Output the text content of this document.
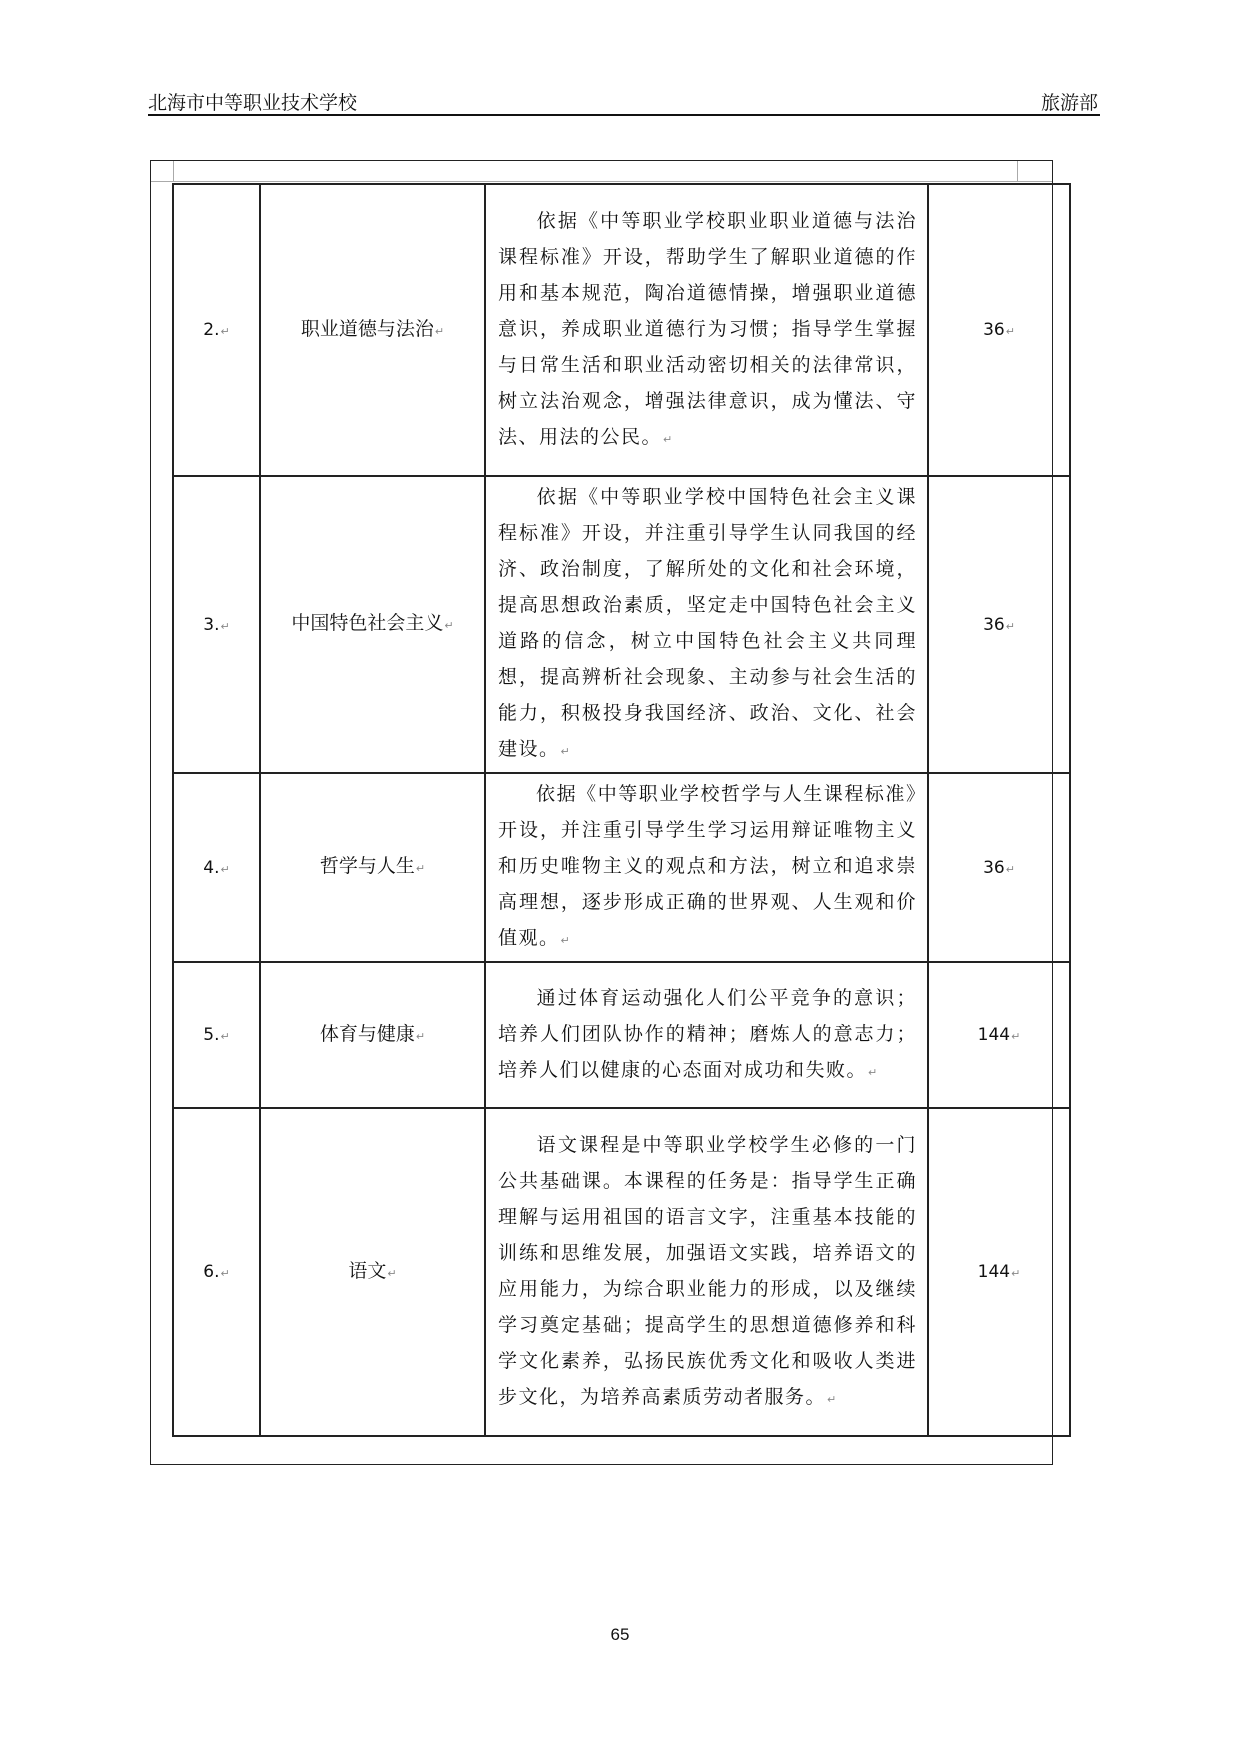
北海市中等职业技术学校	旅游部
2.↵	职业道德与法治↵	依据《中等职业学校职业职业道德与法治课程标准》开设，帮助学生了解职业道德的作用和基本规范，陶冶道德情操，增强职业道德意识，养成职业道德行为习惯；指导学生掌握与日常生活和职业活动密切相关的法律常识，树立法治观念，增强法律意识，成为懂法、守法、用法的公民。↵	36↵
3.↵	中国特色社会主义↵	依据《中等职业学校中国特色社会主义课程标准》开设，并注重引导学生认同我国的经济、政治制度，了解所处的文化和社会环境，提高思想政治素质，坚定走中国特色社会主义道路的信念，树立中国特色社会主义共同理想，提高辨析社会现象、主动参与社会生活的能力，积极投身我国经济、政治、文化、社会建设。↵	36↵
4.↵	哲学与人生↵	依据《中等职业学校哲学与人生课程标准》开设，并注重引导学生学习运用辩证唯物主义和历史唯物主义的观点和方法，树立和追求崇高理想，逐步形成正确的世界观、人生观和价值观。↵	36↵
5.↵	体育与健康↵	通过体育运动强化人们公平竞争的意识；培养人们团队协作的精神；磨炼人的意志力；培养人们以健康的心态面对成功和失败。↵	144↵
6.↵	语文↵	语文课程是中等职业学校学生必修的一门公共基础课。本课程的任务是：指导学生正确理解与运用祖国的语言文字，注重基本技能的训练和思维发展，加强语文实践，培养语文的应用能力，为综合职业能力的形成，以及继续学习奠定基础；提高学生的思想道德修养和科学文化素养，弘扬民族优秀文化和吸收人类进步文化，为培养高素质劳动者服务。↵	144↵
65
